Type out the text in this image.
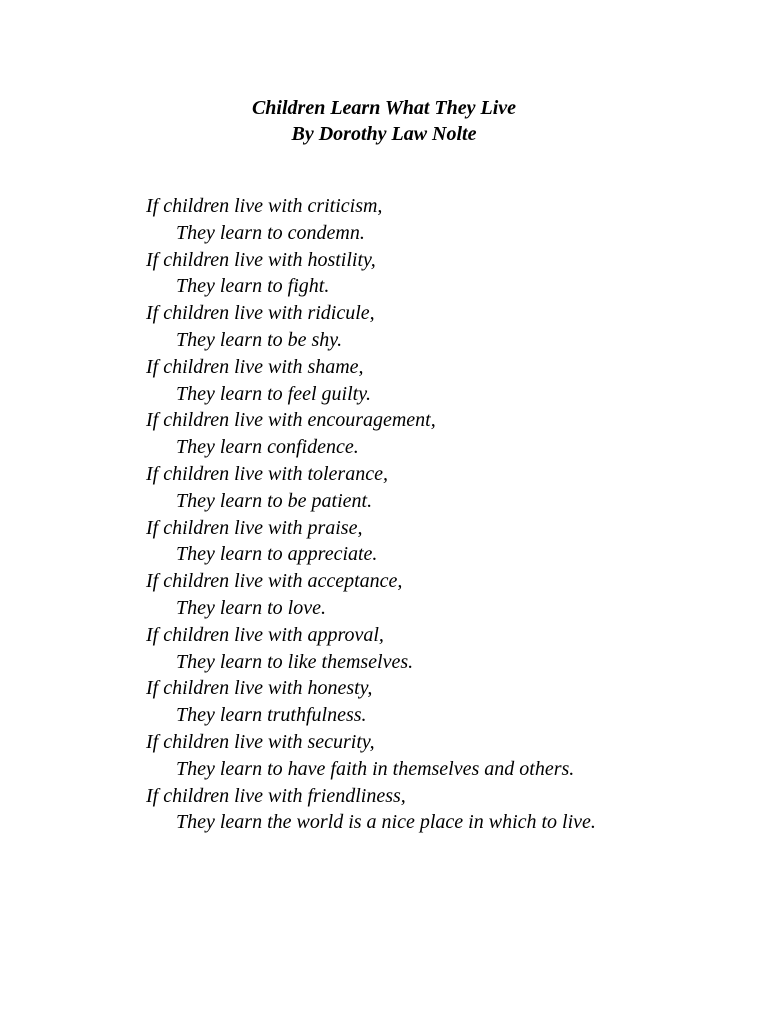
Children Learn What They Live
By Dorothy Law Nolte
If children live with criticism,
They learn to condemn.
If children live with hostility,
They learn to fight.
If children live with ridicule,
They learn to be shy.
If children live with shame,
They learn to feel guilty.
If children live with encouragement,
They learn confidence.
If children live with tolerance,
They learn to be patient.
If children live with praise,
They learn to appreciate.
If children live with acceptance,
They learn to love.
If children live with approval,
They learn to like themselves.
If children live with honesty,
They learn truthfulness.
If children live with security,
They learn to have faith in themselves and others.
If children live with friendliness,
They learn the world is a nice place in which to live.
